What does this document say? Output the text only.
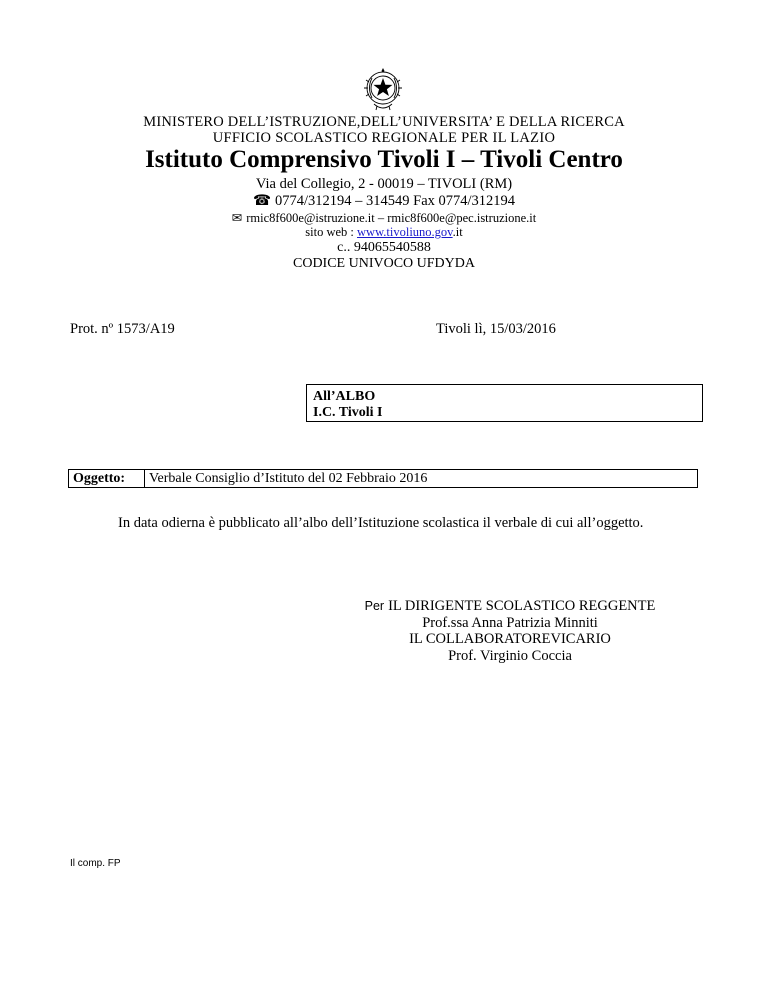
MINISTERO DELL’ISTRUZIONE,DELL’UNIVERSITA’ E DELLA RICERCA
UFFICIO SCOLASTICO REGIONALE PER IL LAZIO
Istituto Comprensivo Tivoli I – Tivoli Centro
Via del Collegio, 2 - 00019 – TIVOLI (RM)
☎ 0774/312194 – 314549 Fax 0774/312194
✉ rmic8f600e@istruzione.it – rmic8f600e@pec.istruzione.it
sito web : www.tivoliuno.gov.it
c.. 94065540588
CODICE UNIVOCO UFDYDA
Prot. nº 1573/A19	Tivoli lì, 15/03/2016
All’ALBO
I.C. Tivoli I
Oggetto:	Verbale Consiglio d’Istituto del 02 Febbraio 2016
In data odierna è pubblicato all’albo dell’Istituzione scolastica il verbale di cui all’oggetto.
Per IL DIRIGENTE SCOLASTICO REGGENTE
Prof.ssa Anna Patrizia Minniti
IL COLLABORATOREVICARIO
Prof. Virginio Coccia
Il comp. FP
